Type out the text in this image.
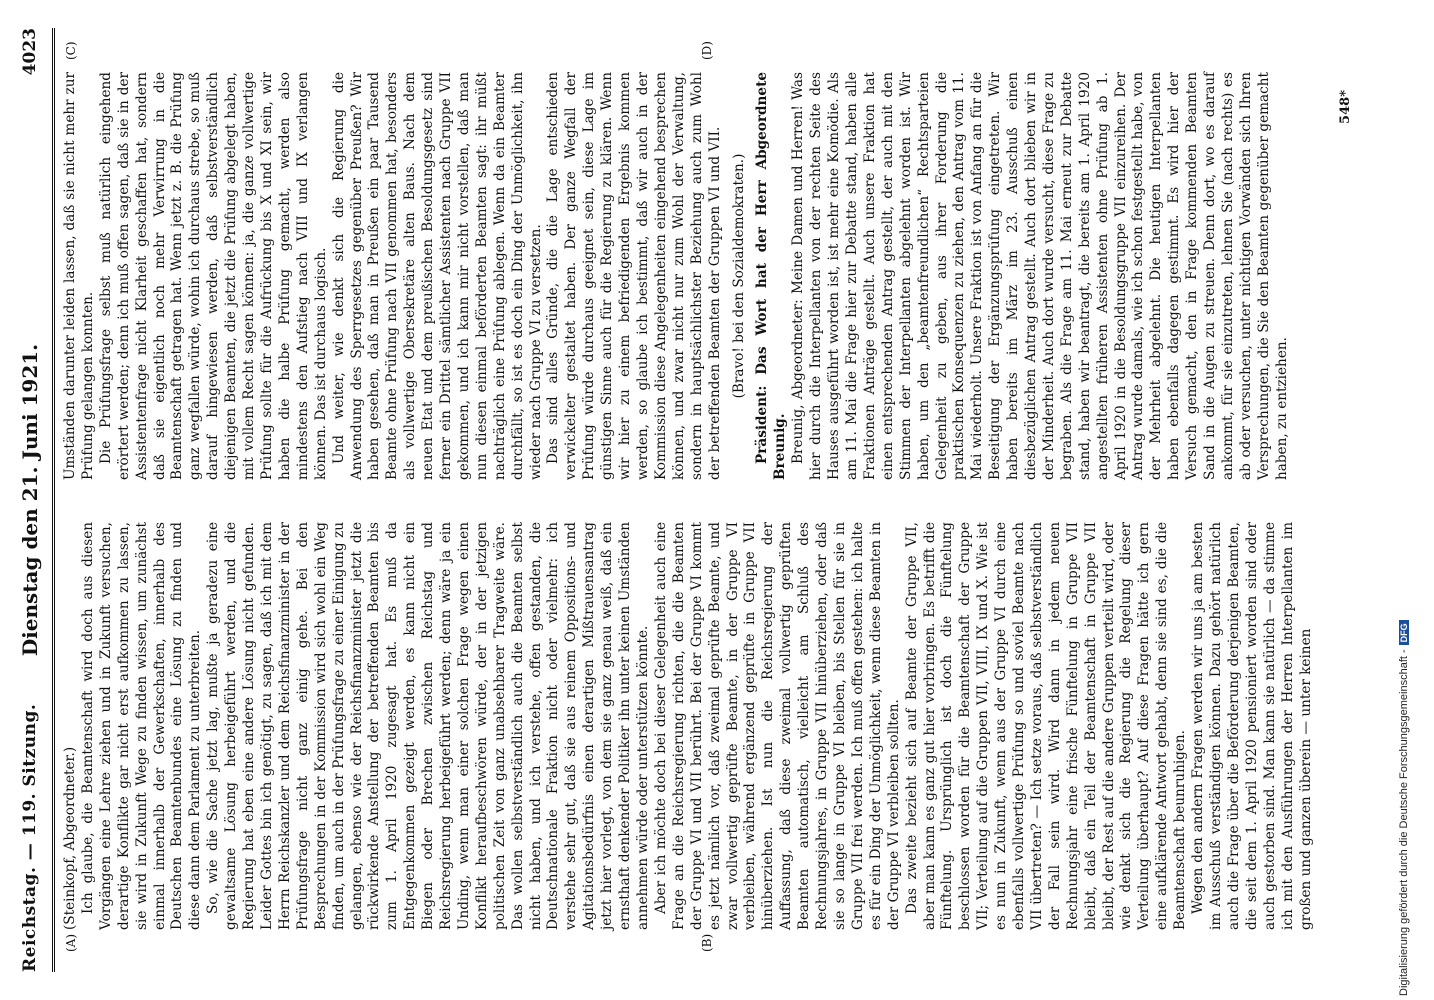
Reichstag. — 119. Sitzung.
Dienstag den 21. Juni 1921.
4023
(A)	(B)
(C)	(D)

(Steinkopf, Abgeordneter.) Ich glaube, die Beamtenschaft wird doch aus diesen Vorgängen eine Lehre ziehen und in Zukunft versuchen, derartige Konflikte gar nicht erst aufkommen zu lassen, sie wird in Zukunft Wege zu finden wissen, um zunächst einmal innerhalb der Gewerkschaften, innerhalb des Deutschen Beamtenbundes eine Lösung zu finden und diese dann dem Parlament zu unterbreiten. So, wie die Sache jetzt lag, mußte ja geradezu eine gewaltsame Lösung herbeigeführt werden, und die Regierung hat eben eine andere Lösung nicht gefunden. Leider Gottes bin ich genötigt, zu sagen, daß ich mit dem Herrn Reichskanzler und dem Reichsfinanzminister in der Prüfungsfrage nicht ganz einig gehe. Bei den Besprechungen in der Kommission wird sich wohl ein Weg finden, um auch in der Prüfungsfrage zu einer Einigung zu gelangen, ebenso wie der Reichsfinanzminister jetzt die rückwirkende Anstellung der betreffenden Beamten bis zum 1. April 1920 zugesagt hat. Es muß da Entgegenkommen gezeigt werden, es kann nicht ein Biegen oder Brechen zwischen Reichstag und Reichsregierung herbeigeführt werden; denn wäre ja ein Unding, wenn man einer solchen Frage wegen einen Konflikt heraufbeschwören würde, der in der jetzigen politischen Zeit von ganz unabsehbarer Tragweite wäre. Das wollen selbstverständlich auch die Beamten selbst nicht haben, und ich verstehe, offen gestanden, die Deutschnationale Fraktion nicht oder vielmehr: ich verstehe sehr gut, daß sie aus reinem Oppositions- und Agitationsbedürfnis einen derartigen Mißtrauensantrag jetzt hier vorlegt, von dem sie ganz genau weiß, daß ein ernsthaft denkender Politiker ihn unter keinen Umständen annehmen würde oder unterstützen könnte. Aber ich möchte doch bei dieser Gelegenheit auch eine Frage an die Reichsregierung richten, die die Beamten der Gruppe VI und VII berührt. Bei der Gruppe VI kommt es jetzt nämlich vor, daß zweimal geprüfte Beamte, und zwar vollwertig geprüfte Beamte, in der Gruppe VI verbleiben, während ergänzend geprüfte in Gruppe VII hinüberziehen. Ist nun die Reichsregierung der Auffassung, daß diese zweimal vollwertig geprüften Beamten automatisch, vielleicht am Schluß des Rechnungsjahres, in Gruppe VII hinüberziehen, oder daß sie so lange in Gruppe VI bleiben, bis Stellen für sie in Gruppe VII frei werden. Ich muß offen gestehen: ich halte es für ein Ding der Unmöglichkeit, wenn diese Beamten in der Gruppe VI verbleiben sollten. Das zweite bezieht sich auf Beamte der Gruppe VII, aber man kann es ganz gut hier vorbringen. Es betrifft die Fünftelung. Ursprünglich ist doch die Fünftelung beschlossen worden für die Beamtenschaft der Gruppe VII; Verteilung auf die Gruppen VII, VIII, IX und X. Wie ist es nun in Zukunft, wenn aus der Gruppe VI durch eine ebenfalls vollwertige Prüfung so und soviel Beamte nach VII übertreten? — Ich setze voraus, daß selbstverständlich der Fall sein wird. Wird dann in jedem neuen Rechnungsjahr eine frische Fünftelung in Gruppe VII bleibt, daß ein Teil der Beamtenschaft in Gruppe VII bleibt, der Rest auf die andere Gruppen verteilt wird, oder wie denkt sich die Regierung die Regelung dieser Verteilung überhaupt? Auf diese Fragen hätte ich gern eine aufklärende Antwort gehabt, denn sie sind es, die die Beamtenschaft beunruhigen. Wegen den andern Fragen werden wir uns ja am besten im Ausschuß verständigen können. Dazu gehört natürlich auch die Frage über die Beförderung derjenigen Beamten, die seit dem 1. April 1920 pensioniert worden sind oder auch gestorben sind. Man kann sie natürlich — da stimme ich mit den Ausführungen der Herren Interpellanten im großen und ganzen überein — unter keinen

Umständen darunter leiden lassen, daß sie nicht mehr zur Prüfung gelangen konnten. Die Prüfungsfrage selbst muß natürlich eingehend erörtert werden; denn ich muß offen sagen, daß sie in der Assistentenfrage nicht Klarheit geschaffen hat, sondern daß sie eigentlich noch mehr Verwirrung in die Beamtenschaft getragen hat. Wenn jetzt z. B. die Prüfung ganz wegfallen würde, wohin ich durchaus strebe, so muß darauf hingewiesen werden, daß selbstverständlich diejenigen Beamten, die jetzt die Prüfung abgelegt haben, mit vollem Recht sagen können: ja, die ganze vollwertige Prüfung sollte für die Aufrückung bis X und XI sein, wir haben die halbe Prüfung gemacht, werden also mindestens den Aufstieg nach VIII und IX verlangen können. Das ist durchaus logisch. Und weiter, wie denkt sich die Regierung die Anwendung des Sperrgesetzes gegenüber Preußen? Wir haben gesehen, daß man in Preußen ein paar Tausend Beamte ohne Prüfung nach VII genommen hat, besonders als vollwertige Obersekretäre alten Baus. Nach dem neuen Etat und dem preußischen Besoldungsgesetz sind ferner ein Drittel sämtlicher Assistenten nach Gruppe VII gekommen, und ich kann mir nicht vorstellen, daß man nun diesen einmal beförderten Beamten sagt: ihr müßt nachträglich eine Prüfung ablegen. Wenn da ein Beamter durchfällt, so ist es doch ein Ding der Unmöglichkeit, ihn wieder nach Gruppe VI zu versetzen. Das sind alles Gründe, die die Lage entschieden verwickelter gestaltet haben. Der ganze Wegfall der Prüfung würde durchaus geeignet sein, diese Lage im günstigen Sinne auch für die Regierung zu klären. Wenn wir hier zu einem befriedigenden Ergebnis kommen werden, so glaube ich bestimmt, daß wir auch in der Kommission diese Angelegenheiten eingehend besprechen können, und zwar nicht nur zum Wohl der Verwaltung, sondern in hauptsächlichster Beziehung auch zum Wohl der betreffenden Beamten der Gruppen VI und VII. (Bravo! bei den Sozialdemokraten.) Präsident: Das Wort hat der Herr Abgeordnete Breunig. Breunig, Abgeordneter: Meine Damen und Herren! Was hier durch die Interpellanten von der rechten Seite des Hauses ausgeführt worden ist, ist mehr eine Komödie. Als am 11. Mai die Frage hier zur Debatte stand, haben alle Fraktionen Anträge gestellt. Auch unsere Fraktion hat einen entsprechenden Antrag gestellt, der auch mit den Stimmen der Interpellanten abgelehnt worden ist. Wir haben, um den „beamtenfreundlichen“ Rechtsparteien Gelegenheit zu geben, aus ihrer Forderung die praktischen Konsequenzen zu ziehen, den Antrag vom 11. Mai wiederholt. Unsere Fraktion ist von Anfang an für die Beseitigung der Ergänzungsprüfung eingetreten. Wir haben bereits im März im 23. Ausschuß einen diesbezüglichen Antrag gestellt. Auch dort blieben wir in der Minderheit. Auch dort wurde versucht, diese Frage zu begraben. Als die Frage am 11. Mai erneut zur Debatte stand, haben wir beantragt, die bereits am 1. April 1920 angestellten früheren Assistenten ohne Prüfung ab 1. April 1920 in die Besoldungsgruppe VII einzureihen. Der Antrag wurde damals, wie ich schon festgestellt habe, von der Mehrheit abgelehnt. Die heutigen Interpellanten haben ebenfalls dagegen gestimmt. Es wird hier der Versuch gemacht, den in Frage kommenden Beamten Sand in die Augen zu streuen. Denn dort, wo es darauf ankommt, für sie einzutreten, lehnen Sie (nach rechts) es ab oder versuchen, unter nichtigen Vorwänden sich Ihren Versprechungen, die Sie den Beamten gegenüber gemacht haben, zu entziehen.

548*
Digitalisierung gefördert durch die Deutsche Forschungsgemeinschaft -DFG
